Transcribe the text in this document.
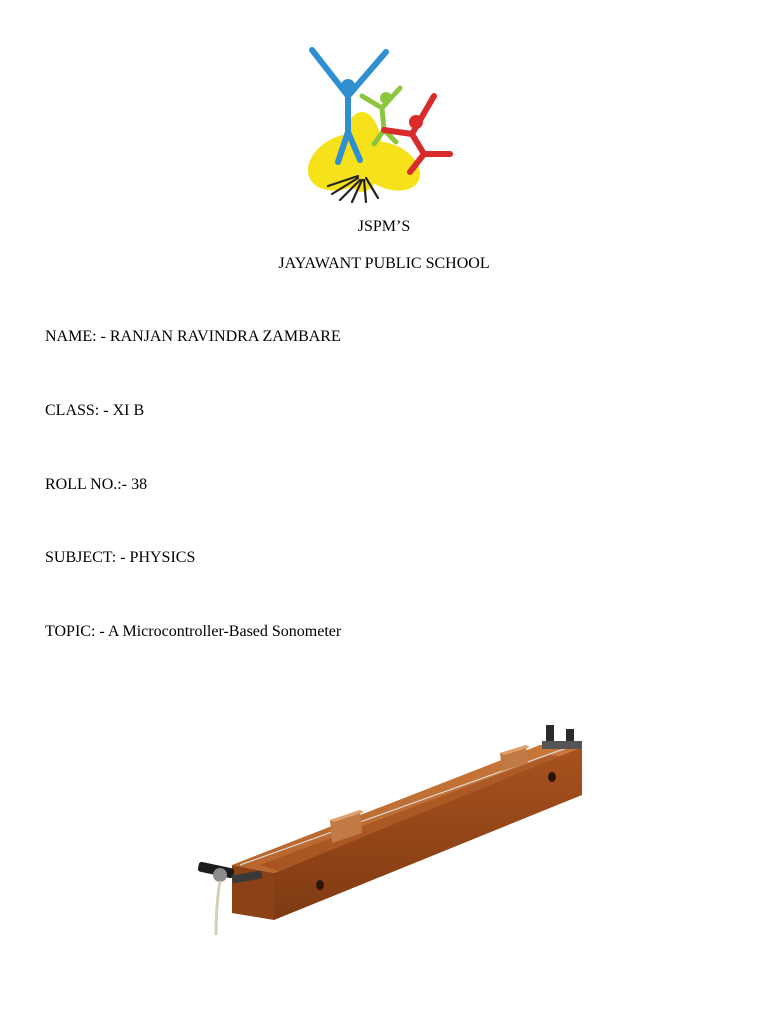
JSPM’S

JAYAWANT PUBLIC SCHOOL

NAME: - RANJAN RAVINDRA ZAMBARE

CLASS: - XI B

ROLL NO.:- 38

SUBJECT: - PHYSICS

TOPIC: - A Microcontroller-Based Sonometer
